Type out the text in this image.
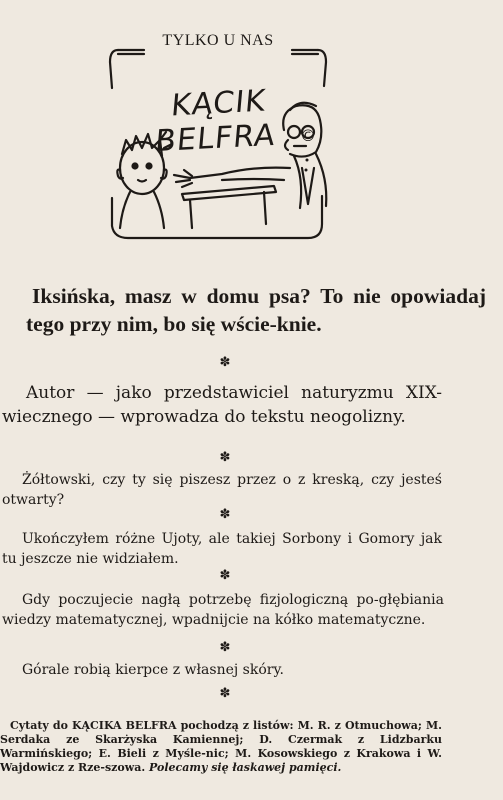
TYLKO U NAS
KĄCIK BELFRA	©

Iksińska, masz w domu psa? To nie opowiadaj tego przy nim, bo się wście-knie.

✽

Autor — jako przedstawiciel naturyzmu XIX-wiecznego — wprowadza do tekstu neogolizny.

✽

Żółtowski, czy ty się piszesz przez o z kreską, czy jesteś otwarty?

✽

Ukończyłem różne Ujoty, ale takiej Sorbony i Gomory jak tu jeszcze nie widziałem.

✽

Gdy poczujecie nagłą potrzebę fizjologiczną po-głębiania wiedzy matematycznej, wpadnijcie na kółko matematyczne.

✽

Górale robią kierpce z własnej skóry.

✽

Cytaty do KĄCIKA BELFRA pochodzą z listów: M. R. z Otmuchowa; M. Serdaka ze Skarżyska Kamiennej; D. Czermak z Lidzbarku Warmińskiego; E. Bieli z Myśle-nic; M. Kosowskiego z Krakowa i W. Wajdowicz z Rze-szowa. Polecamy się łaskawej pamięci.
